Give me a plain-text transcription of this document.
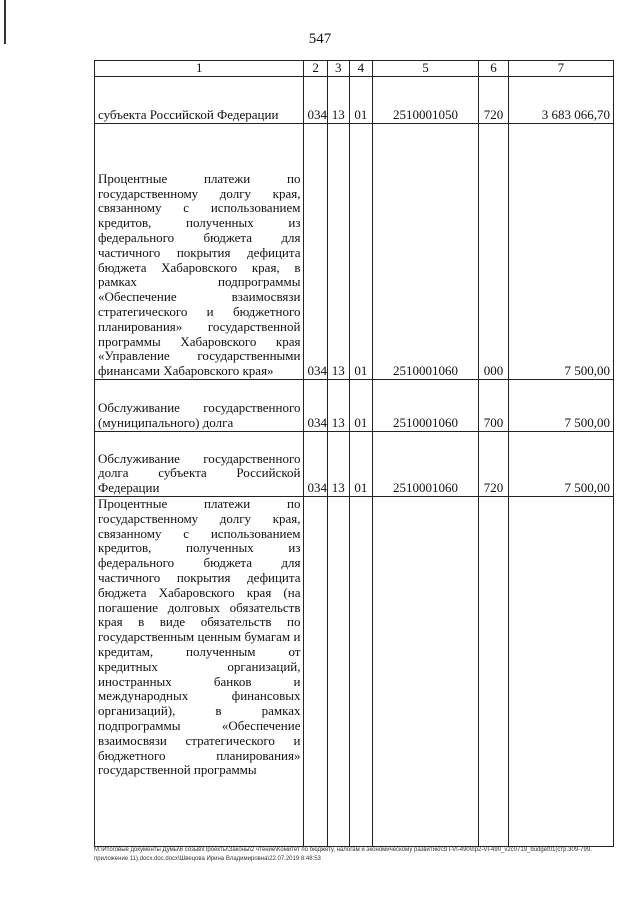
547
1	2	3	4	5	6	7
субъекта Российской Федерации	034	13	01	2510001050	720	3 683 066,70
Процентные платежи по государственному долгу края, связанному с использованием кредитов, полученных из федерального бюджета для частичного покрытия дефицита бюджета Хабаровского края, в рамках подпрограммы «Обеспечение взаимосвязи стратегического и бюджетного планирования» государственной программы Хабаровского края «Управление государственными финансами Хабаровского края»	034	13	01	2510001060	000	7 500,00
Обслуживание государственного (муниципального) долга	034	13	01	2510001060	700	7 500,00
Обслуживание государственного долга субъекта Российской Федерации	034	13	01	2510001060	720	7 500,00
Процентные платежи по государственному долгу края, связанному с использованием кредитов, полученных из федерального бюджета для частичного покрытия дефицита бюджета Хабаровского края (на погашение долговых обязательств края в виде обязательств по государственным ценным бумагам и кредитам, полученным от кредитных организаций, иностранных банков и международных финансовых организаций), в рамках подпрограммы «Обеспечение взаимосвязи стратегического и бюджетного планирования» государственной программы						
М:\Итоговые документы Думы\6 созыв\Проекты\Законы\2 чтение\Комитет по бюджету, налогам и экономическому развитию\ЗП-VI-490\пр2-VI-490_v2c0719_budget01(стр.309-799, приложение 11).docx.doc.docx\Швецова Ирина Владимировна\22.07.2019 8:48:53
